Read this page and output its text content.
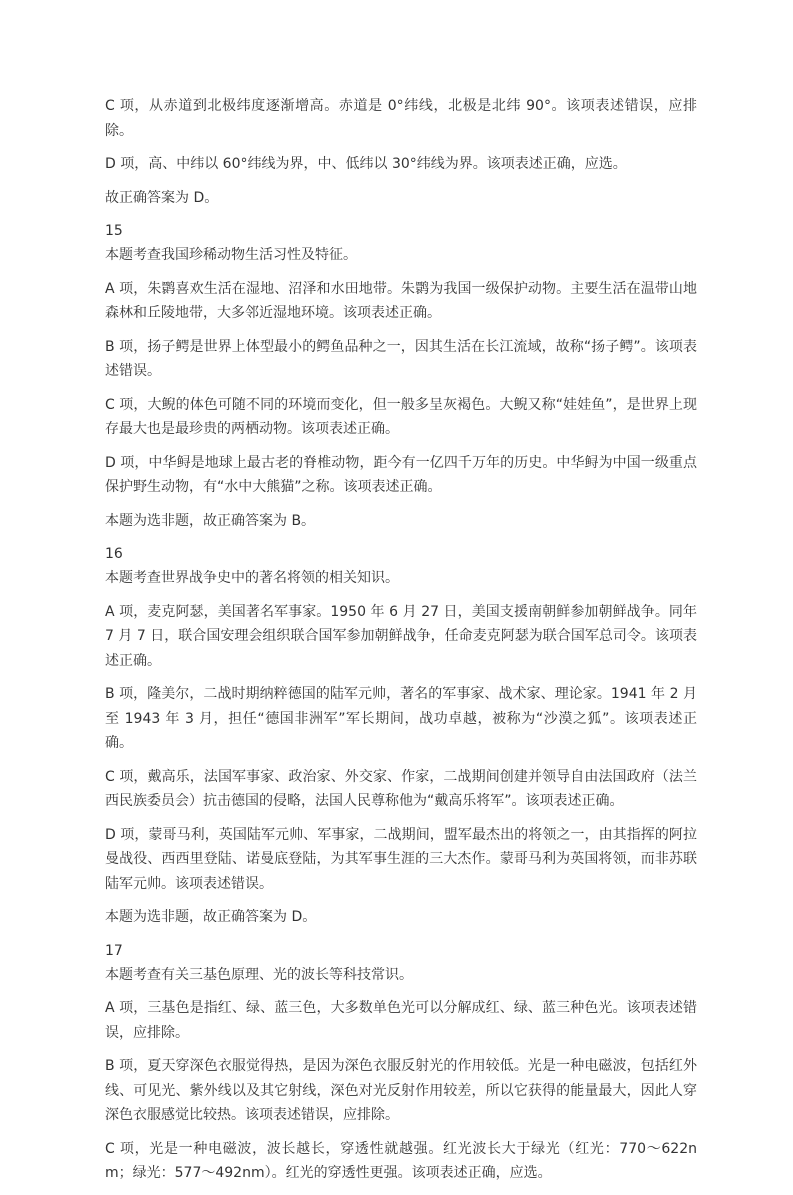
C 项，从赤道到北极纬度逐渐增高。赤道是 0°纬线，北极是北纬 90°。该项表述错误，应排除。

D 项，高、中纬以 60°纬线为界，中、低纬以 30°纬线为界。该项表述正确，应选。

故正确答案为 D。

15

本题考查我国珍稀动物生活习性及特征。

A 项，朱鹮喜欢生活在湿地、沼泽和水田地带。朱鹮为我国一级保护动物。主要生活在温带山地森林和丘陵地带，大多邻近湿地环境。该项表述正确。

B 项，扬子鳄是世界上体型最小的鳄鱼品种之一，因其生活在长江流域，故称“扬子鳄”。该项表述错误。

C 项，大鲵的体色可随不同的环境而变化，但一般多呈灰褐色。大鲵又称“娃娃鱼”，是世界上现存最大也是最珍贵的两栖动物。该项表述正确。

D 项，中华鲟是地球上最古老的脊椎动物，距今有一亿四千万年的历史。中华鲟为中国一级重点保护野生动物，有“水中大熊猫”之称。该项表述正确。

本题为选非题，故正确答案为 B。

16

本题考查世界战争史中的著名将领的相关知识。

A 项，麦克阿瑟，美国著名军事家。1950 年 6 月 27 日，美国支援南朝鲜参加朝鲜战争。同年 7 月 7 日，联合国安理会组织联合国军参加朝鲜战争，任命麦克阿瑟为联合国军总司令。该项表述正确。

B 项，隆美尔，二战时期纳粹德国的陆军元帅，著名的军事家、战术家、理论家。1941 年 2 月至 1943 年 3 月，担任“德国非洲军”军长期间，战功卓越，被称为“沙漠之狐”。该项表述正确。

C 项，戴高乐，法国军事家、政治家、外交家、作家，二战期间创建并领导自由法国政府（法兰西民族委员会）抗击德国的侵略，法国人民尊称他为“戴高乐将军”。该项表述正确。

D 项，蒙哥马利，英国陆军元帅、军事家，二战期间，盟军最杰出的将领之一，由其指挥的阿拉曼战役、西西里登陆、诺曼底登陆，为其军事生涯的三大杰作。蒙哥马利为英国将领，而非苏联陆军元帅。该项表述错误。

本题为选非题，故正确答案为 D。

17

本题考查有关三基色原理、光的波长等科技常识。

A 项，三基色是指红、绿、蓝三色，大多数单色光可以分解成红、绿、蓝三种色光。该项表述错误，应排除。

B 项，夏天穿深色衣服觉得热，是因为深色衣服反射光的作用较低。光是一种电磁波，包括红外线、可见光、紫外线以及其它射线，深色对光反射作用较差，所以它获得的能量最大，因此人穿深色衣服感觉比较热。该项表述错误，应排除。

C 项，光是一种电磁波，波长越长，穿透性就越强。红光波长大于绿光（红光：770～622nm；绿光：577～492nm）。红光的穿透性更强。该项表述正确，应选。
